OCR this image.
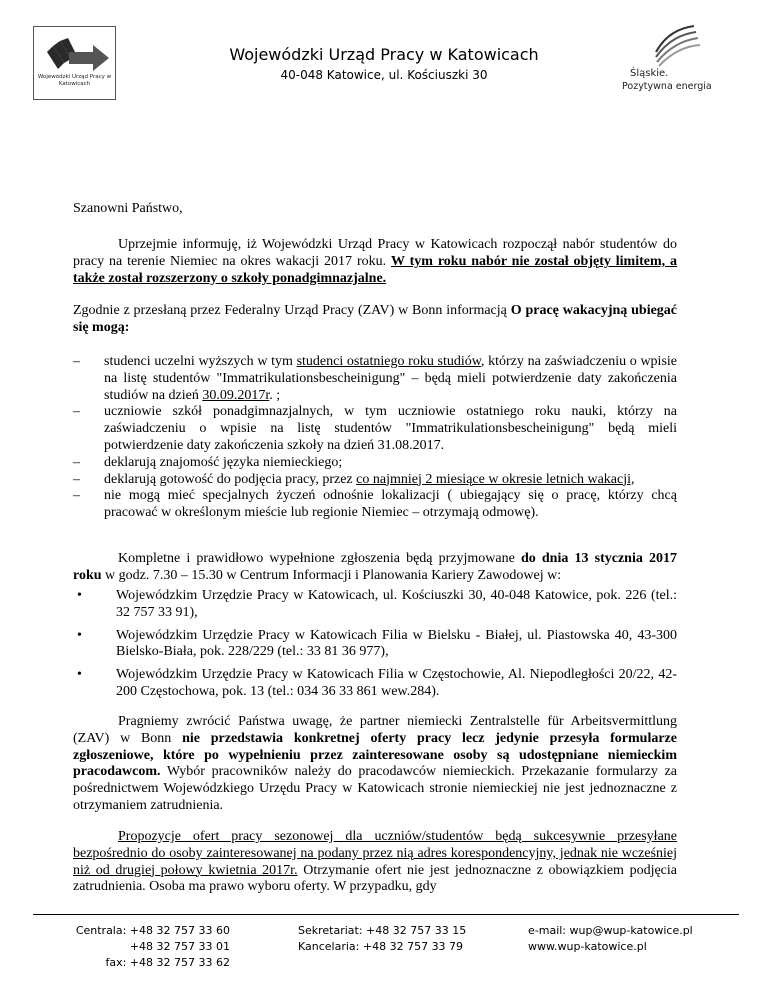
Wojewódzki Urząd Pracy w Katowicach
Wojewódzki Urząd Pracy w Katowicach
40-048 Katowice, ul. Kościuszki 30	Śląskie.
Pozytywna energia
Szanowni Państwo,
Uprzejmie informuję, iż Wojewódzki Urząd Pracy w Katowicach rozpoczął nabór studentów do pracy na terenie Niemiec na okres wakacji 2017 roku. W tym roku nabór nie został objęty limitem, a także został rozszerzony o szkoły ponadgimnazjalne.
Zgodnie z przesłaną przez Federalny Urząd Pracy (ZAV) w Bonn informacją O pracę wakacyjną ubiegać się mogą:
– studenci uczelni wyższych w tym studenci ostatniego roku studiów, którzy na zaświadczeniu o wpisie na listę studentów "Immatrikulationsbescheinigung" – będą mieli potwierdzenie daty zakończenia studiów na dzień 30.09.2017r. ;
– uczniowie szkół ponadgimnazjalnych, w tym uczniowie ostatniego roku nauki, którzy na zaświadczeniu o wpisie na listę studentów "Immatrikulationsbescheinigung" będą mieli potwierdzenie daty zakończenia szkoły na dzień 31.08.2017.
– deklarują znajomość języka niemieckiego;
– deklarują gotowość do podjęcia pracy, przez co najmniej 2 miesiące w okresie letnich wakacji,
– nie mogą mieć specjalnych życzeń odnośnie lokalizacji ( ubiegający się o pracę, którzy chcą pracować w określonym mieście lub regionie Niemiec – otrzymają odmowę).
Kompletne i prawidłowo wypełnione zgłoszenia będą przyjmowane do dnia 13 stycznia 2017 roku w godz. 7.30 – 15.30 w Centrum Informacji i Planowania Kariery Zawodowej w:
• Wojewódzkim Urzędzie Pracy w Katowicach, ul. Kościuszki 30, 40-048 Katowice, pok. 226 (tel.: 32 757 33 91),
• Wojewódzkim Urzędzie Pracy w Katowicach Filia w Bielsku - Białej, ul. Piastowska 40, 43-300 Bielsko-Biała, pok. 228/229 (tel.: 33 81 36 977),
• Wojewódzkim Urzędzie Pracy w Katowicach Filia w Częstochowie, Al. Niepodległości 20/22, 42-200 Częstochowa, pok. 13 (tel.: 034 36 33 861 wew.284).
Pragniemy zwrócić Państwa uwagę, że partner niemiecki Zentralstelle für Arbeitsvermittlung (ZAV) w Bonn nie przedstawia konkretnej oferty pracy lecz jedynie przesyła formularze zgłoszeniowe, które po wypełnieniu przez zainteresowane osoby są udostępniane niemieckim pracodawcom. Wybór pracowników należy do pracodawców niemieckich. Przekazanie formularzy za pośrednictwem Wojewódzkiego Urzędu Pracy w Katowicach stronie niemieckiej nie jest jednoznaczne z otrzymaniem zatrudnienia.
Propozycje ofert pracy sezonowej dla uczniów/studentów będą sukcesywnie przesyłane bezpośrednio do osoby zainteresowanej na podany przez nią adres korespondencyjny, jednak nie wcześniej niż od drugiej połowy kwietnia 2017r. Otrzymanie ofert nie jest jednoznaczne z obowiązkiem podjęcia zatrudnienia. Osoba ma prawo wyboru oferty. W przypadku, gdy
Centrala: +48 32 757 33 60
+48 32 757 33 01
fax: +48 32 757 33 62
Sekretariat: +48 32 757 33 15
Kancelaria: +48 32 757 33 79
e-mail: wup@wup-katowice.pl
www.wup-katowice.pl
